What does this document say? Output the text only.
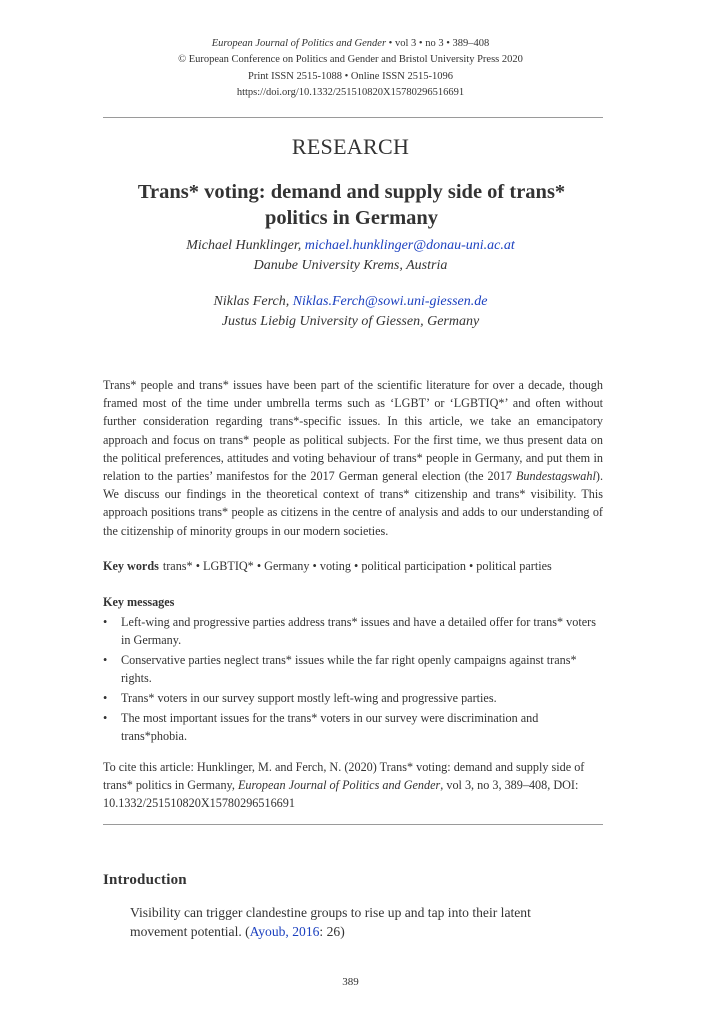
European Journal of Politics and Gender • vol 3 • no 3 • 389–408
© European Conference on Politics and Gender and Bristol University Press 2020
Print ISSN 2515-1088 • Online ISSN 2515-1096
https://doi.org/10.1332/251510820X15780296516691
RESEARCH
Trans* voting: demand and supply side of trans*
politics in Germany
Michael Hunklinger, michael.hunklinger@donau-uni.ac.at
Danube University Krems, Austria
Niklas Ferch, Niklas.Ferch@sowi.uni-giessen.de
Justus Liebig University of Giessen, Germany
Trans* people and trans* issues have been part of the scientific literature for over a decade, though framed most of the time under umbrella terms such as ‘LGBT’ or ‘LGBTIQ*’ and often without further consideration regarding trans*-specific issues. In this article, we take an emancipatory approach and focus on trans* people as political subjects. For the first time, we thus present data on the political preferences, attitudes and voting behaviour of trans* people in Germany, and put them in relation to the parties’ manifestos for the 2017 German general election (the 2017 Bundestagswahl). We discuss our findings in the theoretical context of trans* citizenship and trans* visibility. This approach positions trans* people as citizens in the centre of analysis and adds to our understanding of the citizenship of minority groups in our modern societies.
Key words trans* • LGBTIQ* • Germany • voting • political participation • political parties
Key messages
• Left-wing and progressive parties address trans* issues and have a detailed offer for trans* voters in Germany.
• Conservative parties neglect trans* issues while the far right openly campaigns against trans* rights.
• Trans* voters in our survey support mostly left-wing and progressive parties.
• The most important issues for the trans* voters in our survey were discrimination and trans*phobia.
To cite this article: Hunklinger, M. and Ferch, N. (2020) Trans* voting: demand and supply side of trans* politics in Germany, European Journal of Politics and Gender, vol 3, no 3, 389–408, DOI: 10.1332/251510820X15780296516691
Introduction
Visibility can trigger clandestine groups to rise up and tap into their latent movement potential. (Ayoub, 2016: 26)
389
